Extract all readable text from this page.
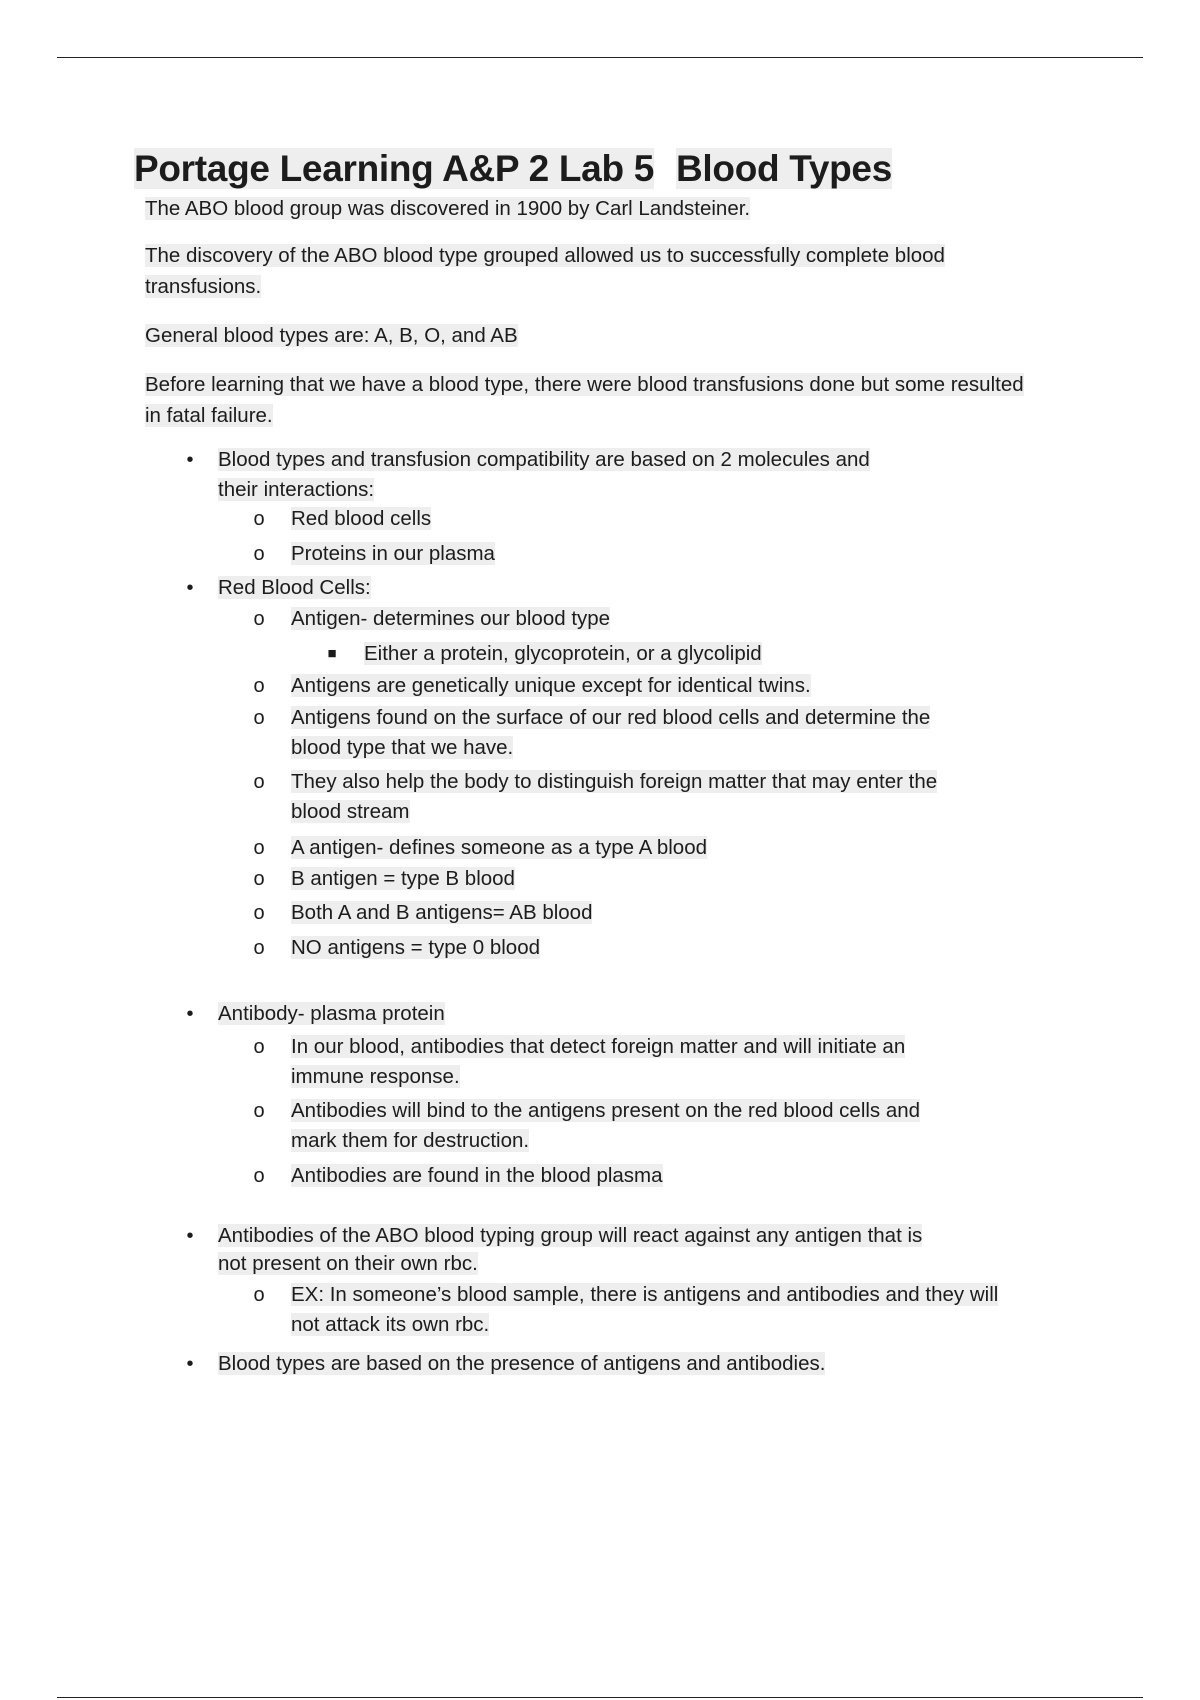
Portage Learning A&P 2 Lab 5 Blood Types

The ABO blood group was discovered in 1900 by Carl Landsteiner.

The discovery of the ABO blood type grouped allowed us to successfully complete blood transfusions.

General blood types are: A, B, O, and AB

Before learning that we have a blood type, there were blood transfusions done but some resulted in fatal failure.

• Blood types and transfusion compatibility are based on 2 molecules and
their interactions:
o Red blood cells
o Proteins in our plasma
• Red Blood Cells:
o Antigen- determines our blood type
■ Either a protein, glycoprotein, or a glycolipid
o Antigens are genetically unique except for identical twins.
o Antigens found on the surface of our red blood cells and determine the
blood type that we have.
o They also help the body to distinguish foreign matter that may enter the
blood stream
o A antigen- defines someone as a type A blood
o B antigen = type B blood
o Both A and B antigens= AB blood
o NO antigens = type 0 blood
• Antibody- plasma protein
o In our blood, antibodies that detect foreign matter and will initiate an
immune response.
o Antibodies will bind to the antigens present on the red blood cells and
mark them for destruction.
o Antibodies are found in the blood plasma
• Antibodies of the ABO blood typing group will react against any antigen that is
not present on their own rbc.
o EX: In someone’s blood sample, there is antigens and antibodies and they will
not attack its own rbc.
• Blood types are based on the presence of antigens and antibodies.
